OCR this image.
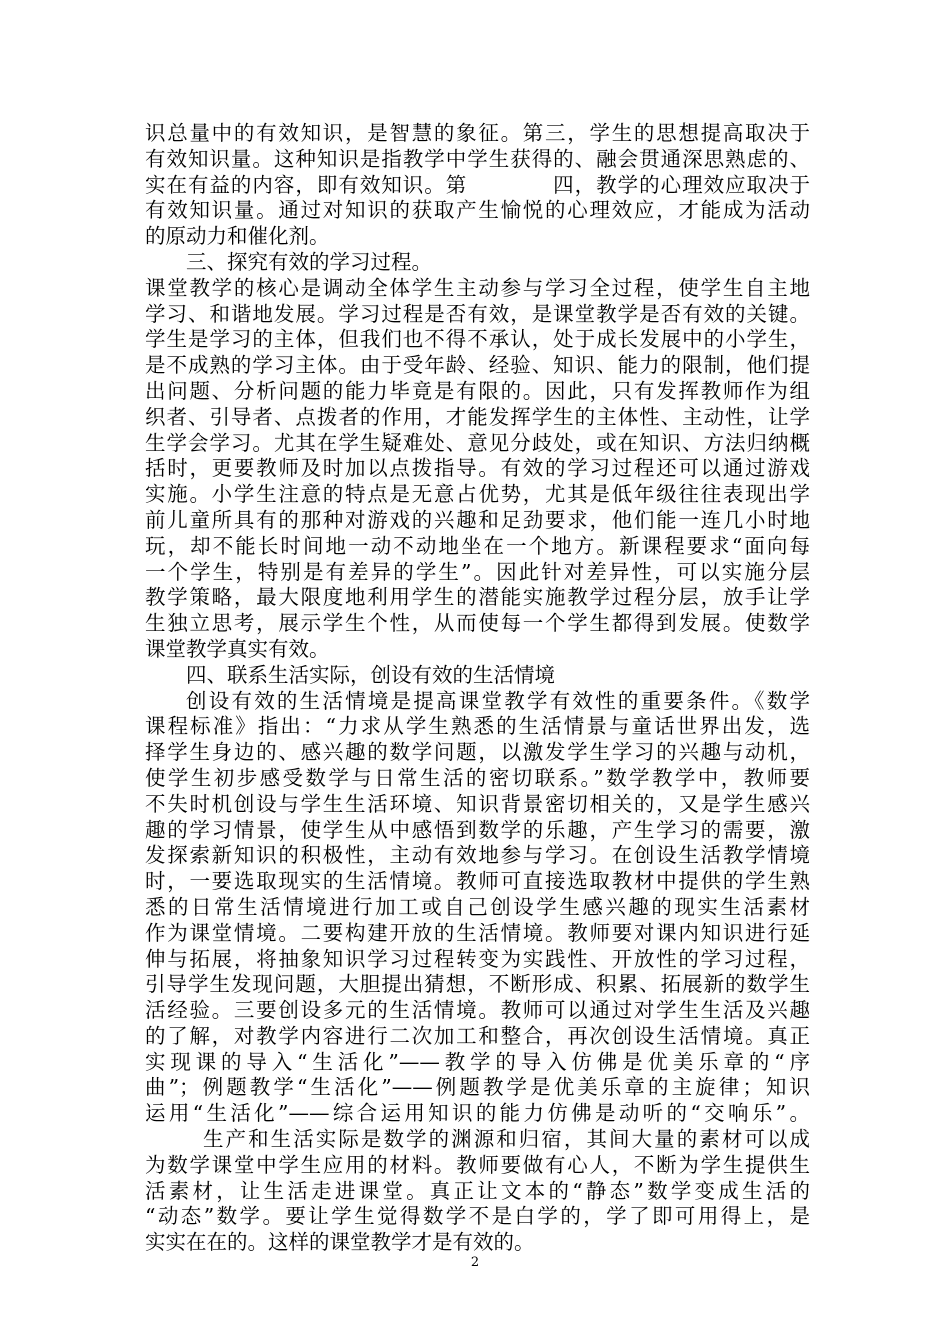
识总量中的有效知识，是智慧的象征。第三，学生的思想提高取决于
有效知识量。这种知识是指教学中学生获得的、融会贯通深思熟虑的、
实在有益的内容，即有效知识。第　　　　四，教学的心理效应取决于
有效知识量。通过对知识的获取产生愉悦的心理效应，才能成为活动
的原动力和催化剂。
三、探究有效的学习过程。
课堂教学的核心是调动全体学生主动参与学习全过程，使学生自主地
学习、和谐地发展。学习过程是否有效，是课堂教学是否有效的关键。
学生是学习的主体，但我们也不得不承认，处于成长发展中的小学生，
是不成熟的学习主体。由于受年龄、经验、知识、能力的限制，他们提
出问题、分析问题的能力毕竟是有限的。因此，只有发挥教师作为组
织者、引导者、点拨者的作用，才能发挥学生的主体性、主动性，让学
生学会学习。尤其在学生疑难处、意见分歧处，或在知识、方法归纳概
括时，更要教师及时加以点拨指导。有效的学习过程还可以通过游戏
实施。小学生注意的特点是无意占优势，尤其是低年级往往表现出学
前儿童所具有的那种对游戏的兴趣和足劲要求，他们能一连几小时地
玩，却不能长时间地一动不动地坐在一个地方。新课程要求“面向每
一个学生，特别是有差异的学生”。因此针对差异性，可以实施分层
教学策略，最大限度地利用学生的潜能实施教学过程分层，放手让学
生独立思考，展示学生个性，从而使每一个学生都得到发展。使数学
课堂教学真实有效。
四、联系生活实际，创设有效的生活情境
创设有效的生活情境是提高课堂教学有效性的重要条件。《数学
课程标准》指出：“力求从学生熟悉的生活情景与童话世界出发，选
择学生身边的、感兴趣的数学问题，以激发学生学习的兴趣与动机，
使学生初步感受数学与日常生活的密切联系。”数学教学中，教师要
不失时机创设与学生生活环境、知识背景密切相关的，又是学生感兴
趣的学习情景，使学生从中感悟到数学的乐趣，产生学习的需要，激
发探索新知识的积极性，主动有效地参与学习。在创设生活教学情境
时，一要选取现实的生活情境。教师可直接选取教材中提供的学生熟
悉的日常生活情境进行加工或自己创设学生感兴趣的现实生活素材
作为课堂情境。二要构建开放的生活情境。教师要对课内知识进行延
伸与拓展，将抽象知识学习过程转变为实践性、开放性的学习过程，
引导学生发现问题，大胆提出猜想，不断形成、积累、拓展新的数学生
活经验。三要创设多元的生活情境。教师可以通过对学生生活及兴趣
的了解，对教学内容进行二次加工和整合，再次创设生活情境。真正
实现课的导入“生活化”——教学的导入仿佛是优美乐章的“序
曲”；例题教学“生活化”——例题教学是优美乐章的主旋律；知识
运用“生活化”——综合运用知识的能力仿佛是动听的“交响乐”。
生产和生活实际是数学的渊源和归宿，其间大量的素材可以成
为数学课堂中学生应用的材料。教师要做有心人，不断为学生提供生
活素材，让生活走进课堂。真正让文本的“静态”数学变成生活的
“动态”数学。要让学生觉得数学不是白学的，学了即可用得上，是
实实在在的。这样的课堂教学才是有效的。
2
